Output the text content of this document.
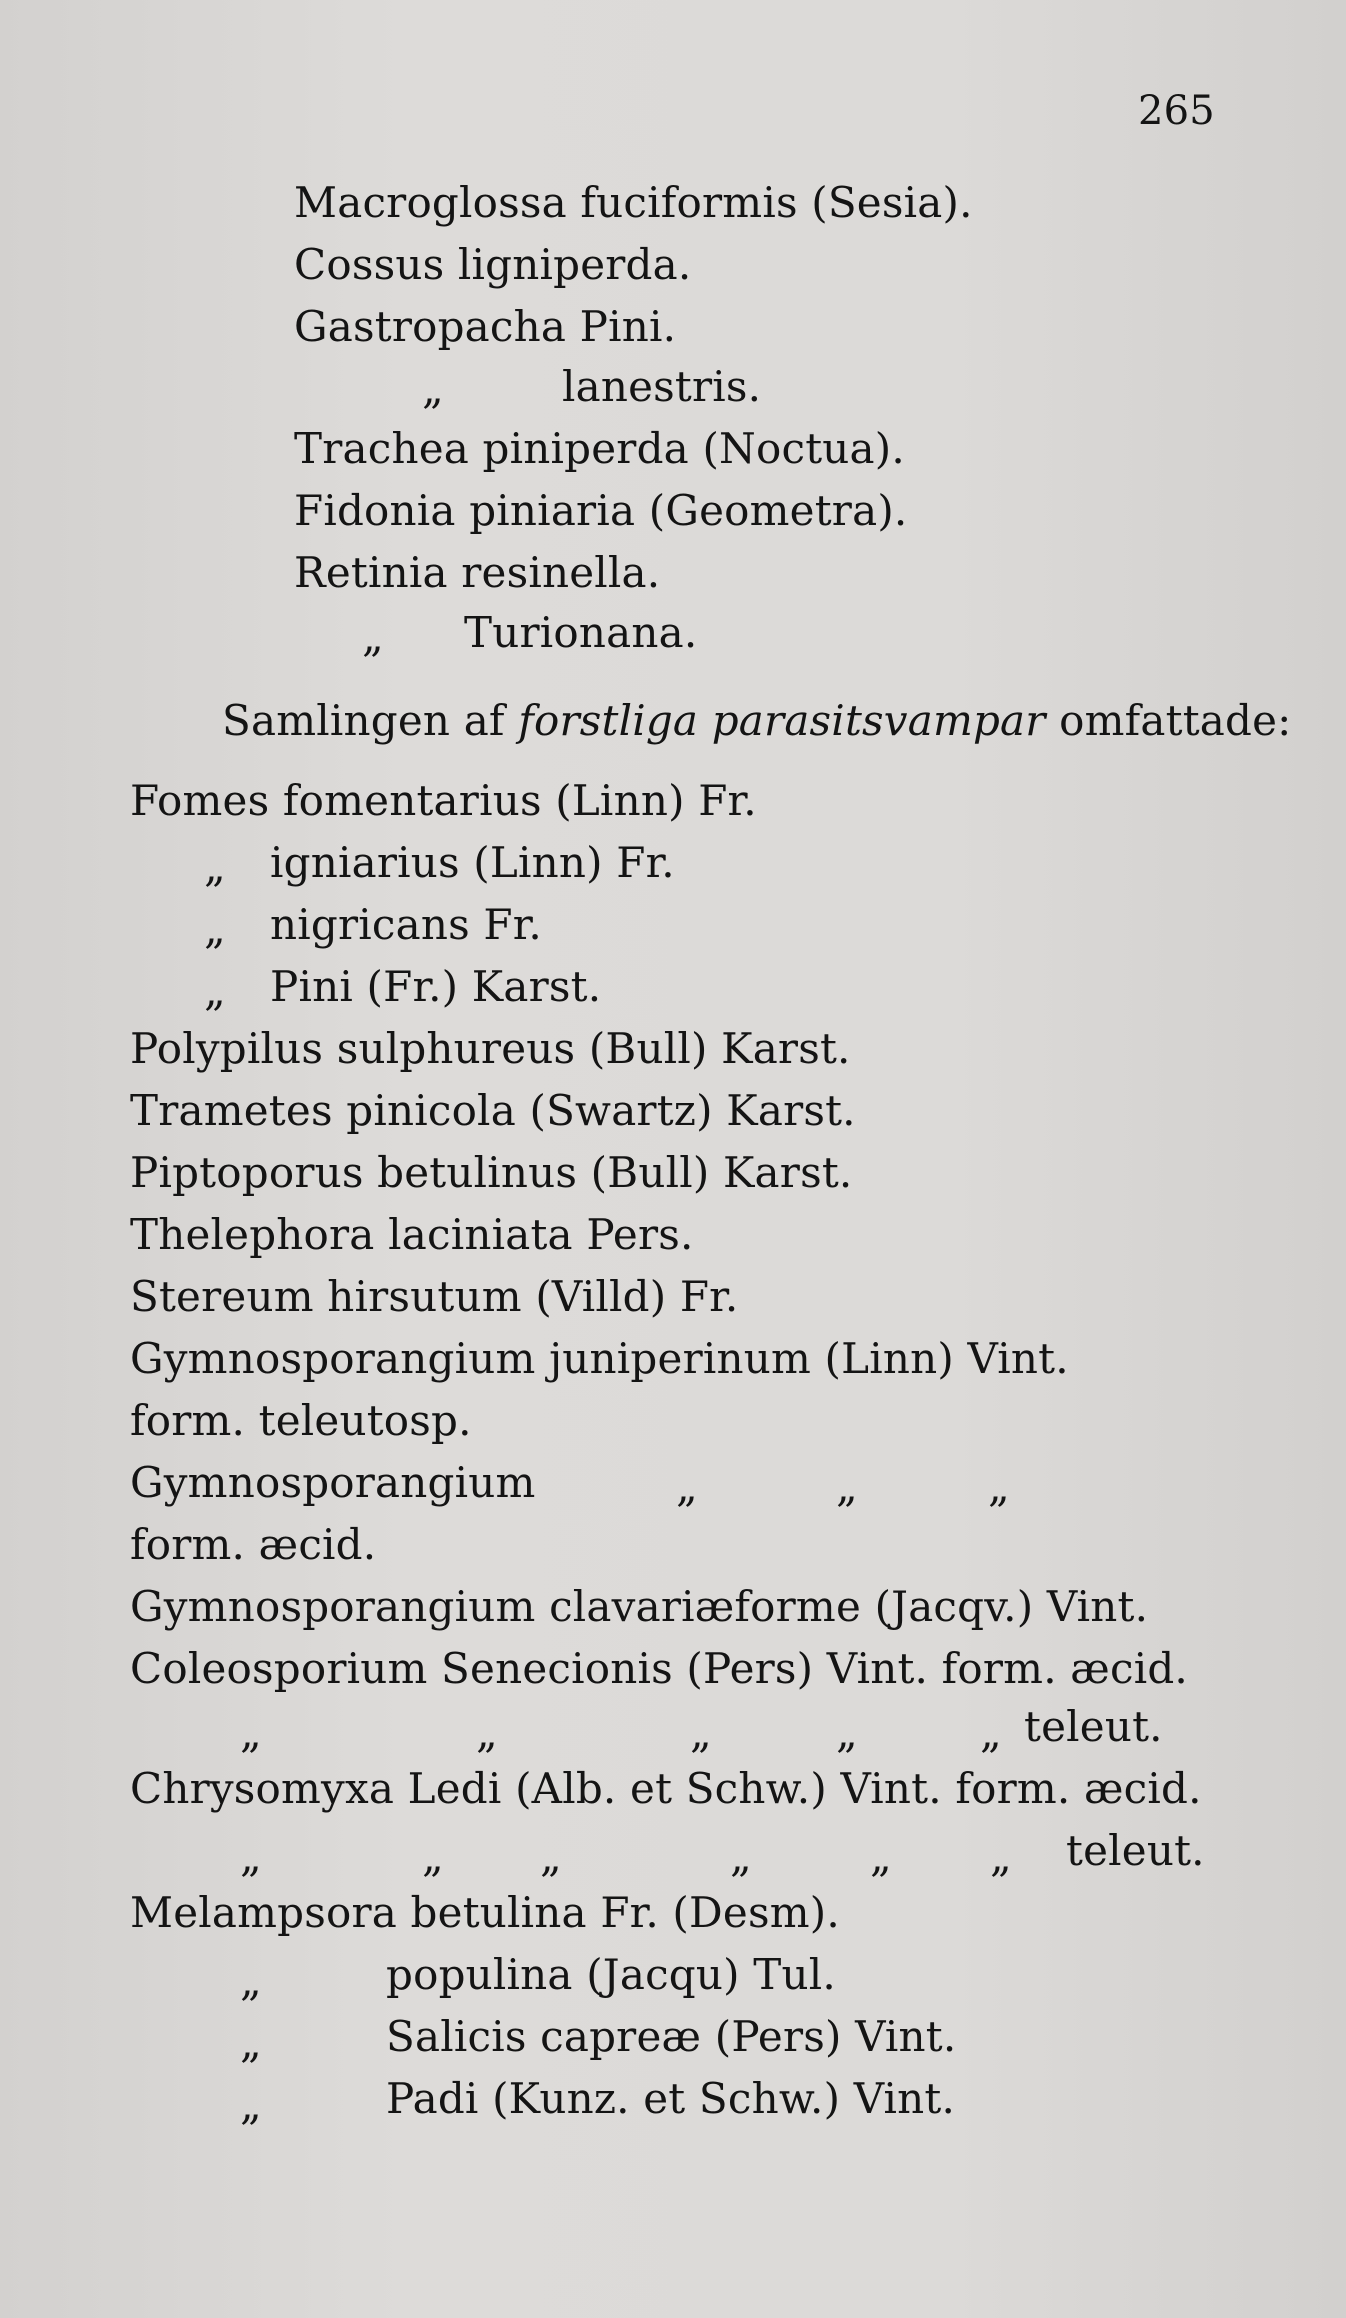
265
Macroglossa fuciformis (Sesia).
Cossus ligniperda.
Gastropacha Pini.
„	lanestris.
Trachea piniperda (Noctua).
Fidonia piniaria (Geometra).
Retinia resinella.
„ Turionana.
Samlingen af forstliga parasitsvampar omfattade:
Fomes fomentarius (Linn) Fr.
„ igniarius (Linn) Fr.
„ nigricans Fr.
„ Pini (Fr.) Karst.
Polypilus sulphureus (Bull) Karst.
Trametes pinicola (Swartz) Karst.
Piptoporus betulinus (Bull) Karst.
Thelephora laciniata Pers.
Stereum hirsutum (Villd) Fr.
Gymnosporangium juniperinum (Linn) Vint.
form. teleutosp.
Gymnosporangium	„	„	„
form. æcid.
Gymnosporangium clavariæforme (Jacqv.) Vint.
Coleosporium Senecionis (Pers) Vint. form. æcid.
„	„	„	„	„ teleut.
Chrysomyxa Ledi (Alb. et Schw.) Vint. form. æcid.
„	„ „	„	„ „ teleut.
Melampsora betulina Fr. (Desm).
„	populina (Jacqu) Tul.
„	Salicis capreæ (Pers) Vint.
„	Padi (Kunz. et Schw.) Vint.
